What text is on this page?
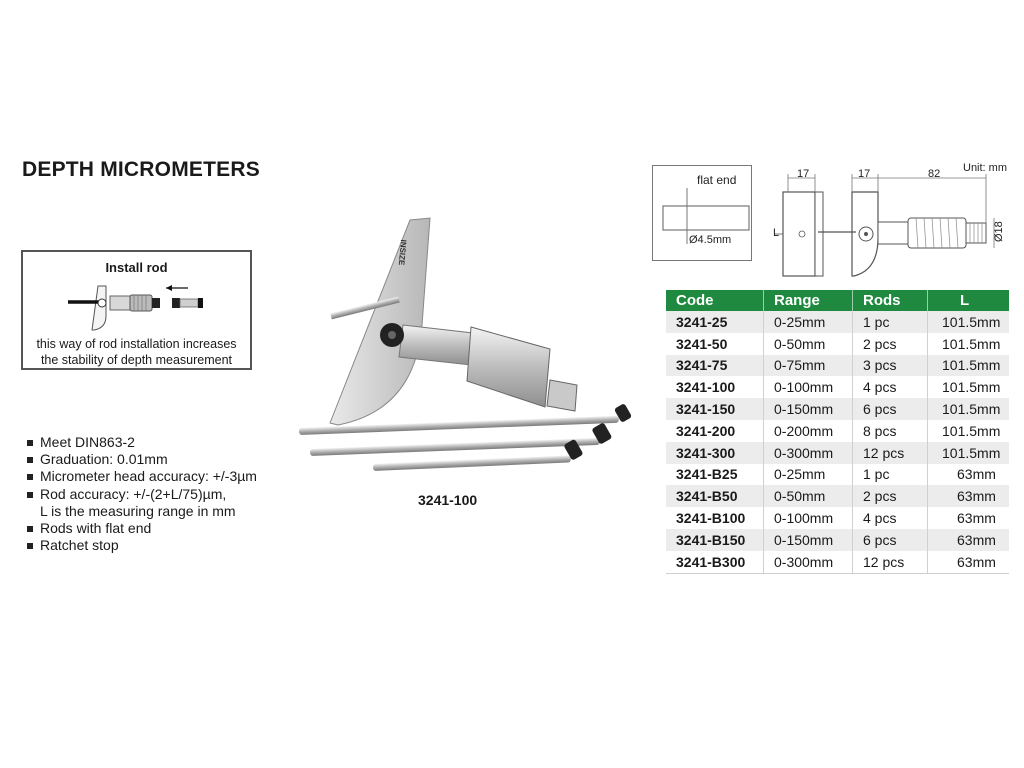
DEPTH MICROMETERS
Install rod
this way of rod installation increases
the stability of depth measurement
3241-100
Meet DIN863-2
Graduation: 0.01mm
Micrometer head accuracy: +/-3µm
Rod accuracy: +/-(2+L/75)µm,
L is the measuring range in mm
Rods with flat end
Ratchet stop
flat end
Ø4.5mm
17	17	82 Unit: mm
Ø18
L
Code	Range	Rods	L
3241-25	0-25mm	1 pc	101.5mm
3241-50	0-50mm	2 pcs	101.5mm
3241-75	0-75mm	3 pcs	101.5mm
3241-100	0-100mm	4 pcs	101.5mm
3241-150	0-150mm	6 pcs	101.5mm
3241-200	0-200mm	8 pcs	101.5mm
3241-300	0-300mm	12 pcs	101.5mm
3241-B25	0-25mm	1 pc	63mm
3241-B50	0-50mm	2 pcs	63mm
3241-B100	0-100mm	4 pcs	63mm
3241-B150	0-150mm	6 pcs	63mm
3241-B300	0-300mm	12 pcs	63mm
INSIZE
